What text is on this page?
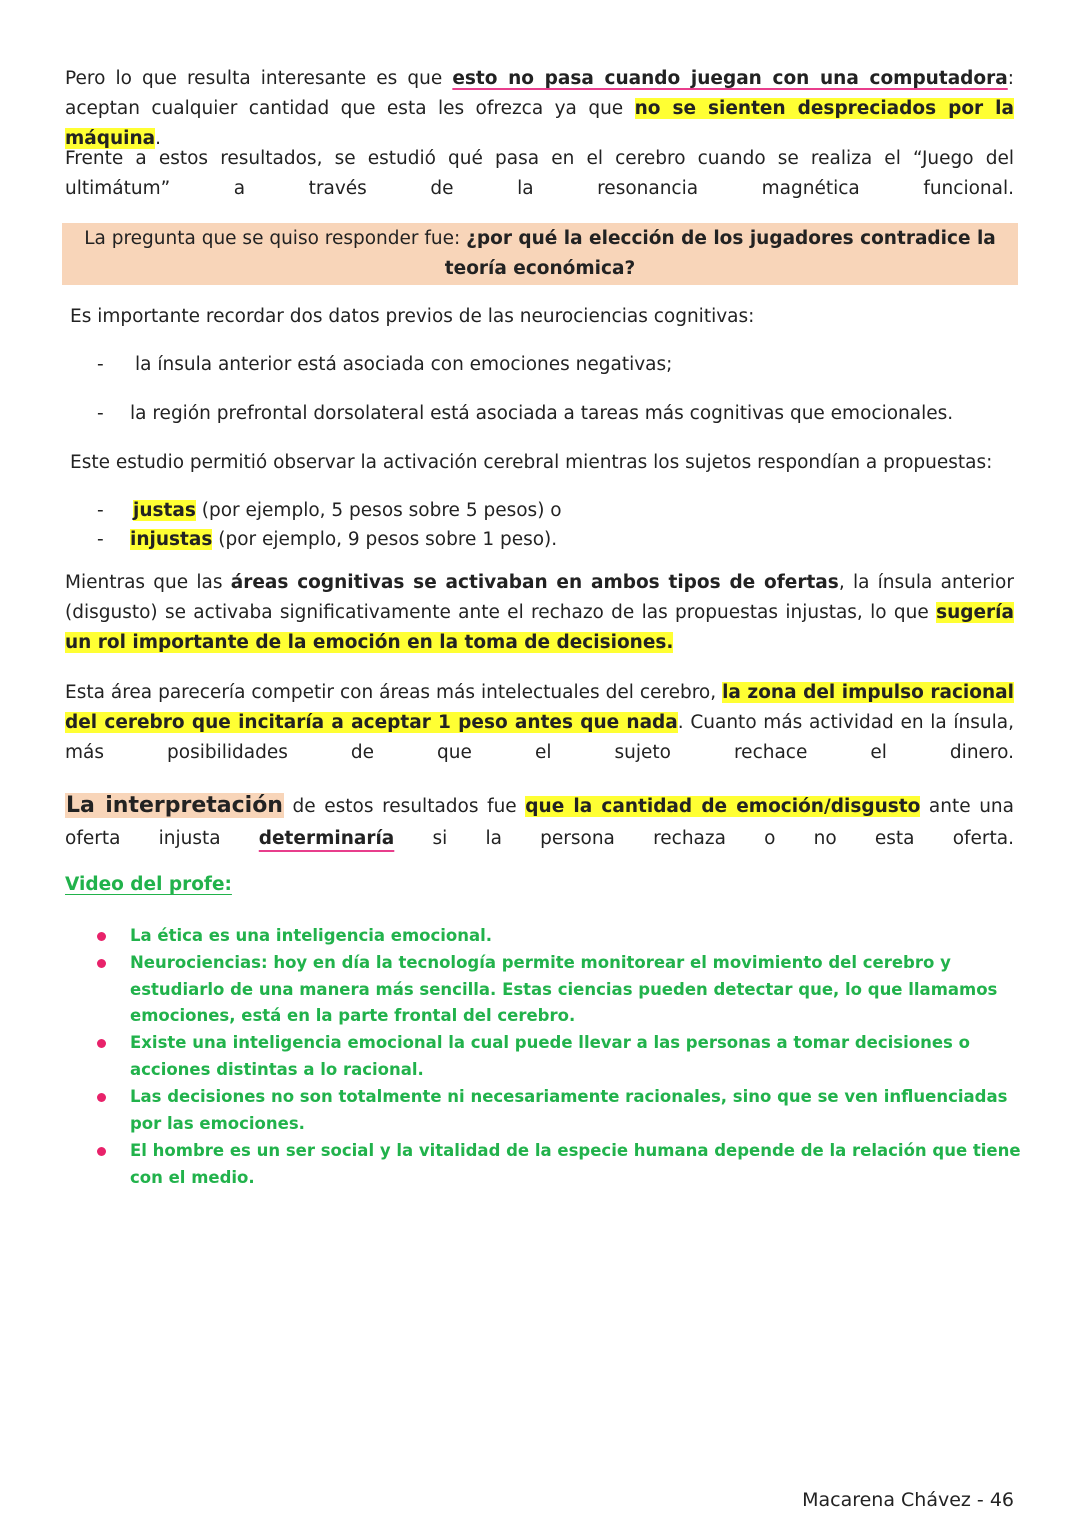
Pero lo que resulta interesante es que esto no pasa cuando juegan con una computadora: aceptan cualquier cantidad que esta les ofrezca ya que no se sienten despreciados por la máquina.

Frente a estos resultados, se estudió qué pasa en el cerebro cuando se realiza el “Juego del ultimátum” a través de la resonancia magnética funcional.

La pregunta que se quiso responder fue: ¿por qué la elección de los jugadores contradice la teoría económica?

Es importante recordar dos datos previos de las neurociencias cognitivas:

- la ínsula anterior está asociada con emociones negativas;
- la región prefrontal dorsolateral está asociada a tareas más cognitivas que emocionales.

Este estudio permitió observar la activación cerebral mientras los sujetos respondían a propuestas:

- justas (por ejemplo, 5 pesos sobre 5 pesos) o
- injustas (por ejemplo, 9 pesos sobre 1 peso).

Mientras que las áreas cognitivas se activaban en ambos tipos de ofertas, la ínsula anterior (disgusto) se activaba significativamente ante el rechazo de las propuestas injustas, lo que sugería un rol importante de la emoción en la toma de decisiones.

Esta área parecería competir con áreas más intelectuales del cerebro, la zona del impulso racional del cerebro que incitaría a aceptar 1 peso antes que nada. Cuanto más actividad en la ínsula, más posibilidades de que el sujeto rechace el dinero.

La interpretación de estos resultados fue que la cantidad de emoción/disgusto ante una oferta injusta determinaría si la persona rechaza o no esta oferta.

Video del profe:
La ética es una inteligencia emocional.
Neurociencias: hoy en día la tecnología permite monitorear el movimiento del cerebro y estudiarlo de una manera más sencilla. Estas ciencias pueden detectar que, lo que llamamos emociones, está en la parte frontal del cerebro.
Existe una inteligencia emocional la cual puede llevar a las personas a tomar decisiones o acciones distintas a lo racional.
Las decisiones no son totalmente ni necesariamente racionales, sino que se ven influenciadas por las emociones.
El hombre es un ser social y la vitalidad de la especie humana depende de la relación que tiene con el medio.
Macarena Chávez - 46
